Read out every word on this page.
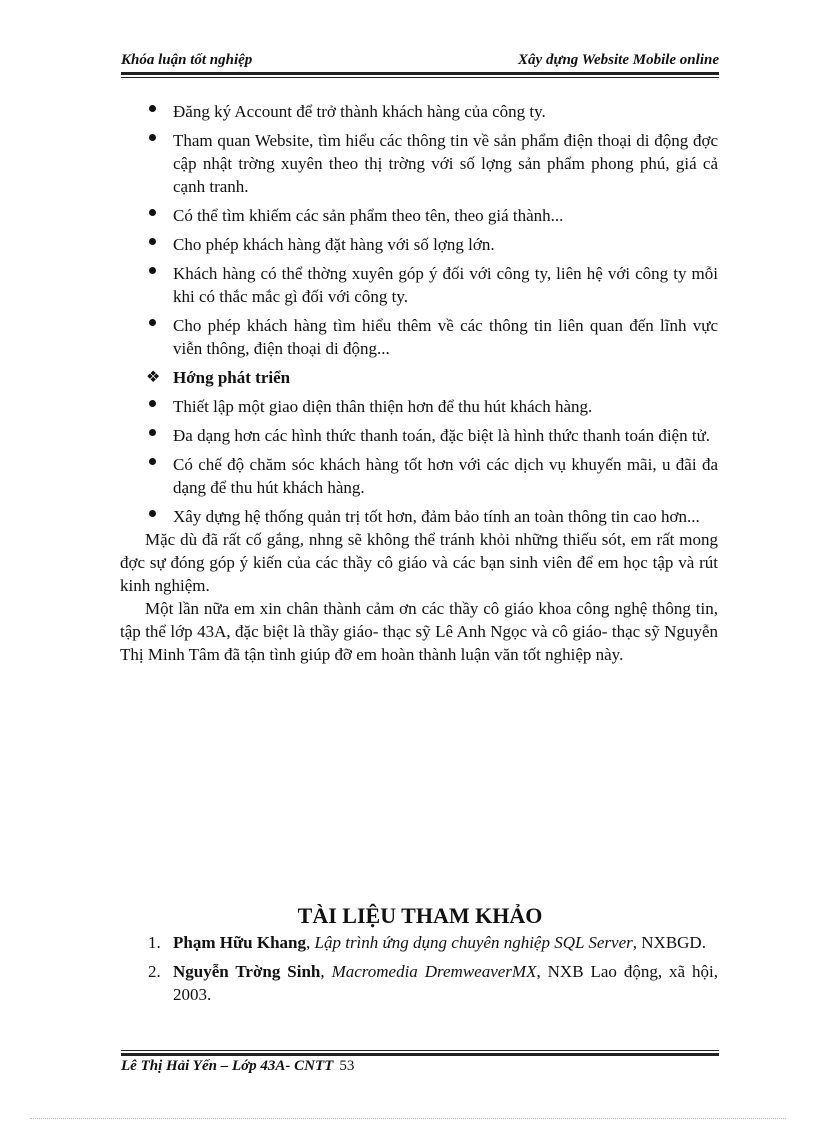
Khóa luận tốt nghiệp	Xây dựng Website Mobile online
Đăng ký Account để trở thành khách hàng của công ty.
Tham quan Website, tìm hiểu các thông tin về sản phẩm điện thoại di động đợc cập nhật trờng xuyên theo thị trờng với số lợng sản phẩm phong phú, giá cả cạnh tranh.
Có thể tìm khiếm các sản phẩm theo tên, theo giá thành...
Cho phép khách hàng đặt hàng với số lợng lớn.
Khách hàng có thể thờng xuyên góp ý đối với công ty, liên hệ với công ty mỗi khi có thắc mắc gì đối với công ty.
Cho phép khách hàng tìm hiểu thêm về các thông tin liên quan đến lĩnh vực viễn thông, điện thoại di động...
❖ Hớng phát triển
Thiết lập một giao diện thân thiện hơn để thu hút khách hàng.
Đa dạng hơn các hình thức thanh toán, đặc biệt là hình thức thanh toán điện tử.
Có chế độ chăm sóc khách hàng tốt hơn với các dịch vụ khuyến mãi, u đãi đa dạng để thu hút khách hàng.
Xây dựng hệ thống quản trị tốt hơn, đảm bảo tính an toàn thông tin cao hơn...

Mặc dù đã rất cố gắng, nhng sẽ không thể tránh khỏi những thiếu sót, em rất mong đợc sự đóng góp ý kiến của các thầy cô giáo và các bạn sinh viên để em học tập và rút kinh nghiệm.

Một lần nữa em xin chân thành cảm ơn các thầy cô giáo khoa công nghệ thông tin, tập thể lớp 43A, đặc biệt là thầy giáo- thạc sỹ Lê Anh Ngọc và cô giáo- thạc sỹ Nguyễn Thị Minh Tâm đã tận tình giúp đỡ em hoàn thành luận văn tốt nghiệp này.

TÀI LIỆU THAM KHẢO
1. Phạm Hữu Khang, Lập trình ứng dụng chuyên nghiệp SQL Server, NXBGD.
2. Nguyễn Trờng Sinh, Macromedia DremweaverMX, NXB Lao động, xã hội, 2003.
Lê Thị Hải Yến – Lớp 43A- CNTT 53
